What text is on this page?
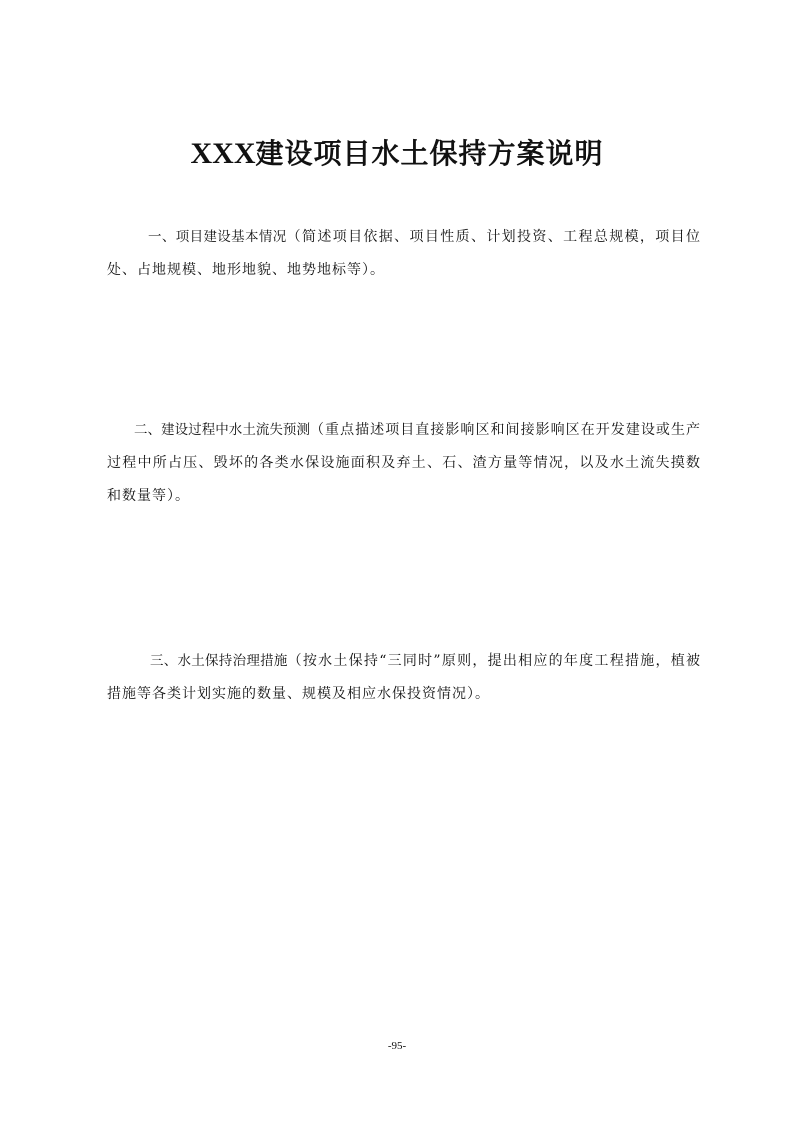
XXX建设项目水土保持方案说明

一、项目建设基本情况（简述项目依据、项目性质、计划投资、工程总规模，项目位处、占地规模、地形地貌、地势地标等）。

二、建设过程中水土流失预测（重点描述项目直接影响区和间接影响区在开发建设或生产过程中所占压、毁坏的各类水保设施面积及弃土、石、渣方量等情况，以及水土流失摸数和数量等）。

三、水土保持治理措施（按水土保持“三同时”原则，提出相应的年度工程措施，植被措施等各类计划实施的数量、规模及相应水保投资情况）。

-95-
